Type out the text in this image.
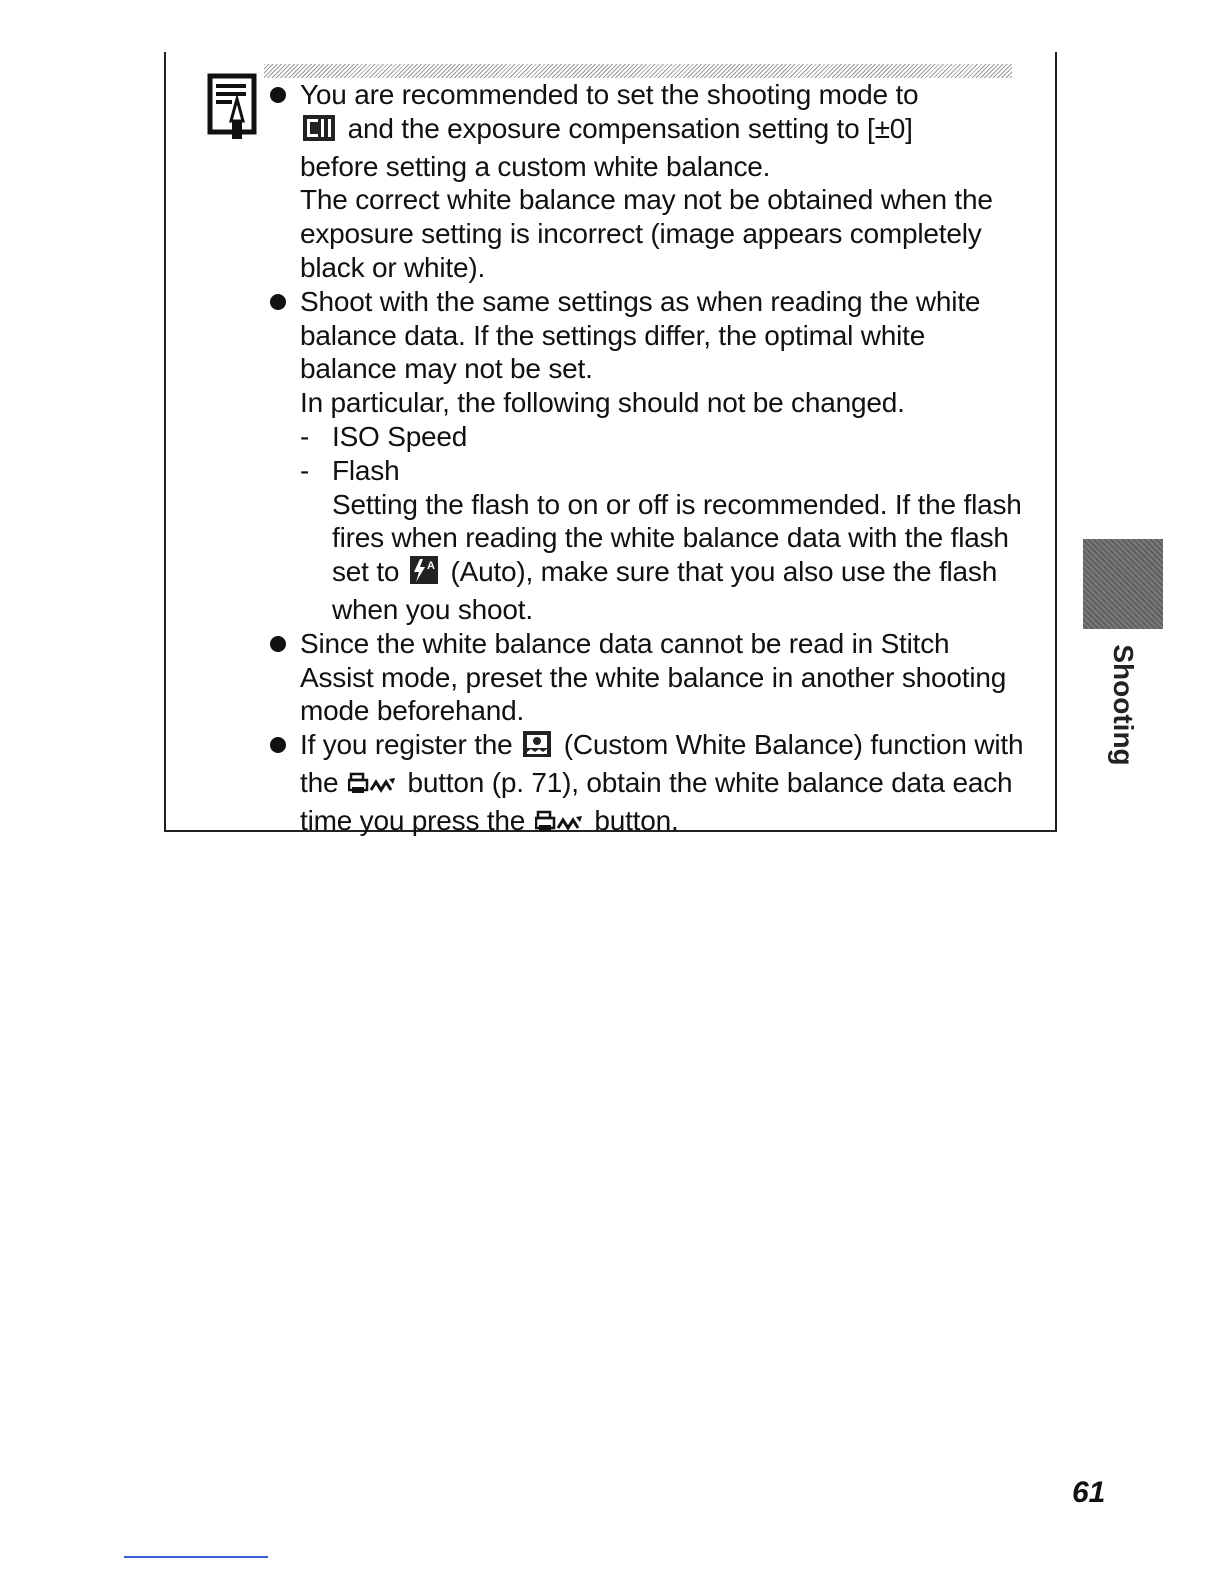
You are recommended to set the shooting mode to
and the exposure compensation setting to [±0]
before setting a custom white balance.

The correct white balance may not be obtained when the exposure setting is incorrect (image appears completely black or white).

Shoot with the same settings as when reading the white balance data. If the settings differ, the optimal white balance may not be set.

In particular, the following should not be changed.

- ISO Speed
- Flash
Setting the flash to on or off is recommended. If the flash fires when reading the white balance data with the flash set to	A (Auto), make sure that you also use the flash when you shoot.

Since the white balance data cannot be read in Stitch Assist mode, preset the white balance in another shooting mode beforehand.

If you register the  (Custom White Balance) function with the  button (p. 71), obtain the white balance data each time you press the  button.

Shooting
61
